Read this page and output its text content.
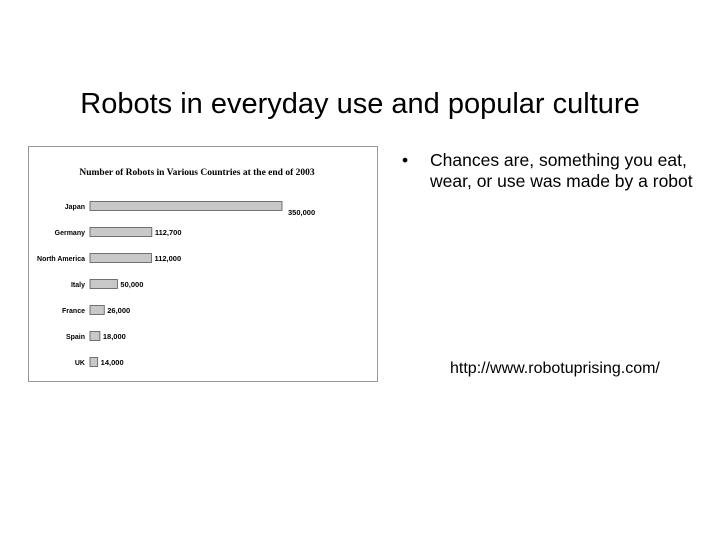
Robots in everyday use and popular culture
Number of Robots in Various Countries at the end of 2003
Japan
350,000
Germany	112,700
North America	112,000
Italy	50,000
France	26,000
Spain 18,000
UK 14,000
• Chances are, something you eat, wear, or use was made by a robot
http://www.robotuprising.com/
